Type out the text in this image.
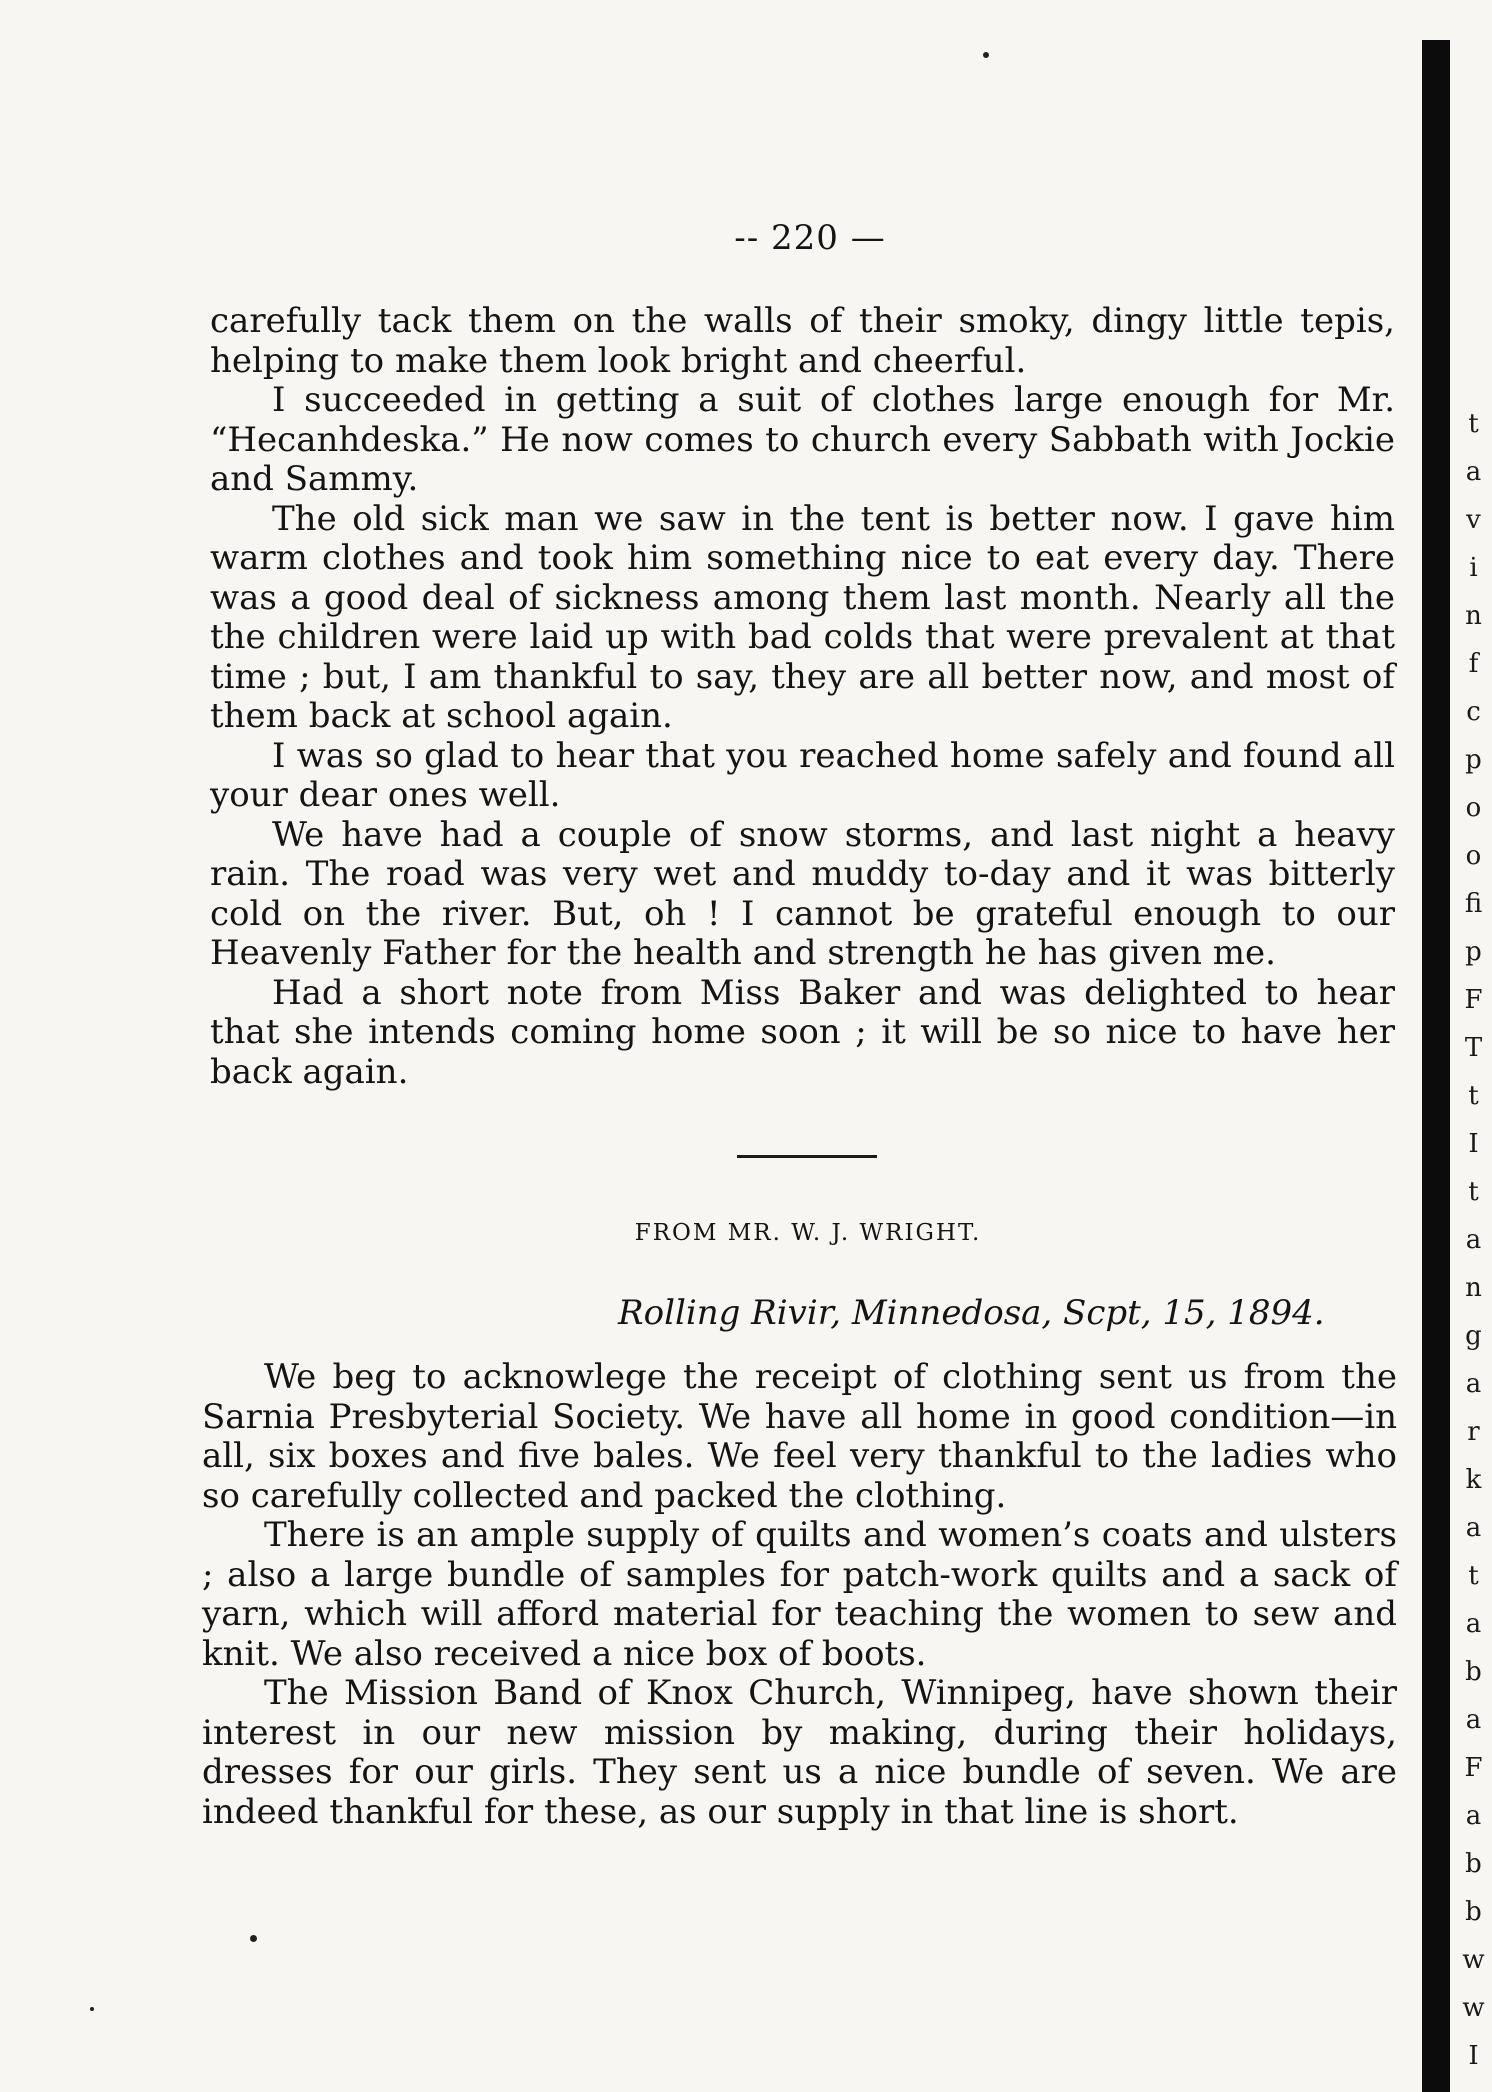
-- 220 —

carefully tack them on the walls of their smoky, dingy little tepis, helping to make them look bright and cheerful.

I succeeded in getting a suit of clothes large enough for Mr. “Hecanhdeska.” He now comes to church every Sabbath with Jockie and Sammy.

The old sick man we saw in the tent is better now. I gave him warm clothes and took him something nice to eat every day. There was a good deal of sickness among them last month. Nearly all the the children were laid up with bad colds that were prevalent at that time ; but, I am thankful to say, they are all better now, and most of them back at school again.

I was so glad to hear that you reached home safely and found all your dear ones well.

We have had a couple of snow storms, and last night a heavy rain. The road was very wet and muddy to-day and it was bitterly cold on the river. But, oh ! I cannot be grateful enough to our Heavenly Father for the health and strength he has given me.

Had a short note from Miss Baker and was delighted to hear that she intends coming home soon ; it will be so nice to have her back again.

FROM MR. W. J. WRIGHT.
Rolling Rivir, Minnedosa, Scpt, 15, 1894.

We beg to acknowlege the receipt of clothing sent us from the Sarnia Presbyterial Society. We have all home in good condition—in all, six boxes and five bales. We feel very thankful to the ladies who so carefully collected and packed the clothing.

There is an ample supply of quilts and women’s coats and ulsters ; also a large bundle of samples for patch-work quilts and a sack of yarn, which will afford material for teaching the women to sew and knit. We also received a nice box of boots.

The Mission Band of Knox Church, Winnipeg, have shown their interest in our new mission by making, during their holidays, dresses for our girls. They sent us a nice bundle of seven. We are indeed thankful for these, as our supply in that line is short.

t
a
v
i
n
f
c
p
o
o
fi
p
F
T
t
I
t
a
n
g
a
r
k
a
t
a
b
a
F
a
b
b
w
w
I
